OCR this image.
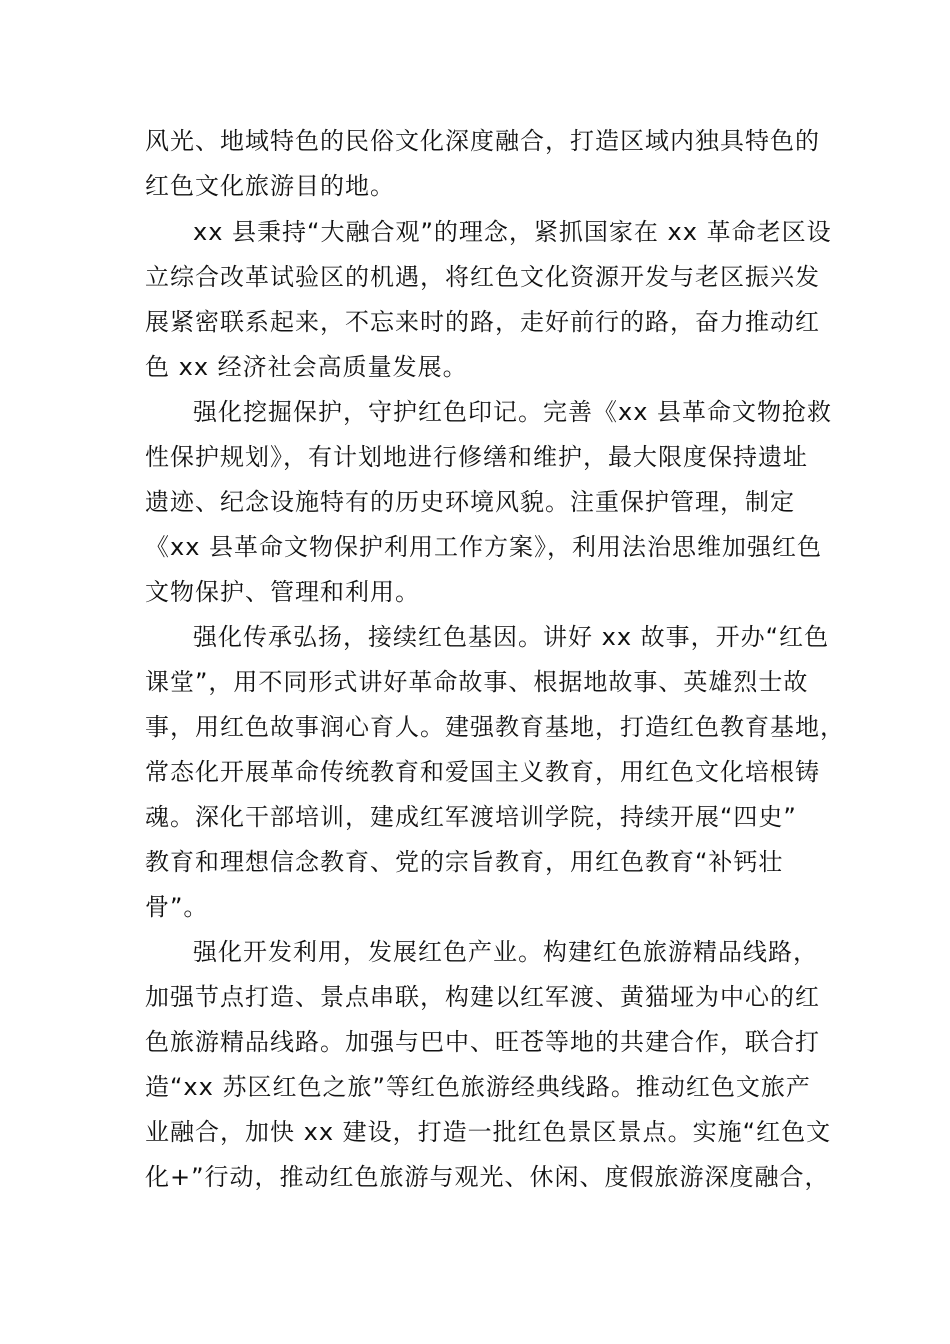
风光、地域特色的民俗文化深度融合，打造区域内独具特色的
红色文化旅游目的地。
xx 县秉持“大融合观”的理念，紧抓国家在 xx 革命老区设
立综合改革试验区的机遇，将红色文化资源开发与老区振兴发
展紧密联系起来，不忘来时的路，走好前行的路，奋力推动红
色 xx 经济社会高质量发展。
强化挖掘保护，守护红色印记。完善《xx 县革命文物抢救
性保护规划》，有计划地进行修缮和维护，最大限度保持遗址
遗迹、纪念设施特有的历史环境风貌。注重保护管理，制定
《xx 县革命文物保护利用工作方案》，利用法治思维加强红色
文物保护、管理和利用。
强化传承弘扬，接续红色基因。讲好 xx 故事，开办“红色
课堂”，用不同形式讲好革命故事、根据地故事、英雄烈士故
事，用红色故事润心育人。建强教育基地，打造红色教育基地，
常态化开展革命传统教育和爱国主义教育，用红色文化培根铸
魂。深化干部培训，建成红军渡培训学院，持续开展“四史”
教育和理想信念教育、党的宗旨教育，用红色教育“补钙壮
骨”。
强化开发利用，发展红色产业。构建红色旅游精品线路，
加强节点打造、景点串联，构建以红军渡、黄猫垭为中心的红
色旅游精品线路。加强与巴中、旺苍等地的共建合作，联合打
造“xx 苏区红色之旅”等红色旅游经典线路。推动红色文旅产
业融合，加快 xx 建设，打造一批红色景区景点。实施“红色文
化+”行动，推动红色旅游与观光、休闲、度假旅游深度融合，
